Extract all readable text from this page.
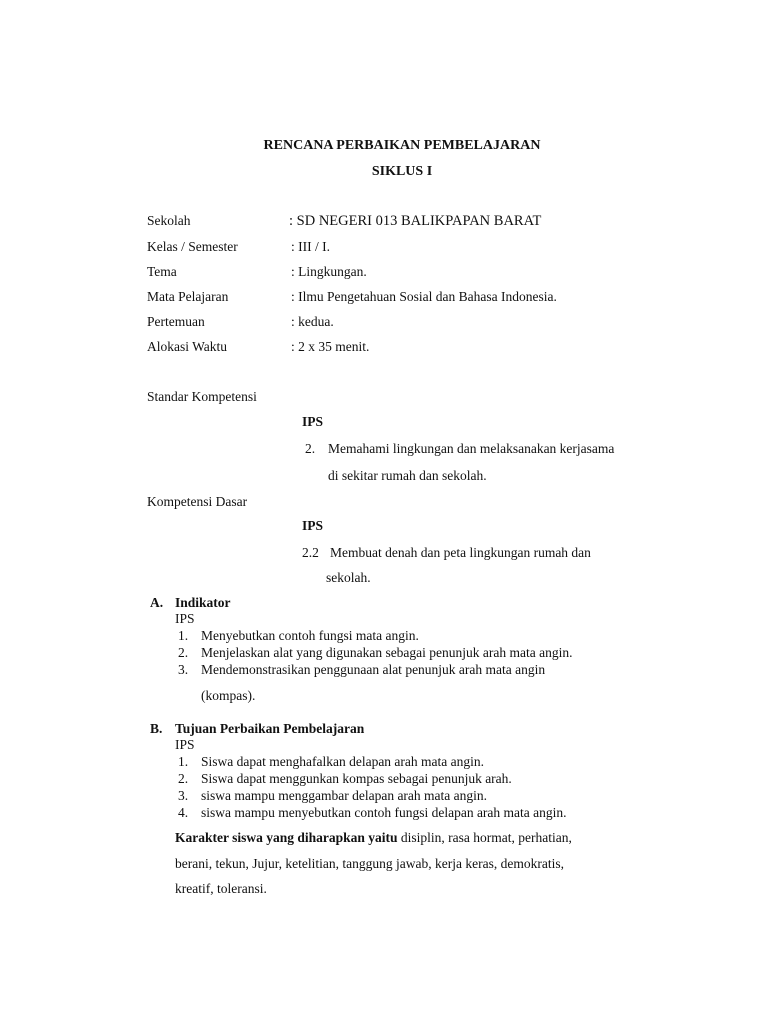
RENCANA PERBAIKAN PEMBELAJARAN
SIKLUS I
Sekolah	: SD NEGERI 013 BALIKPAPAN BARAT
Kelas / Semester	: III / I.
Tema	: Lingkungan.
Mata Pelajaran	: Ilmu Pengetahuan Sosial dan Bahasa Indonesia.
Pertemuan	: kedua.
Alokasi Waktu	: 2 x 35 menit.
Standar Kompetensi
IPS
2. Memahami lingkungan dan melaksanakan kerjasama
di sekitar rumah dan sekolah.
Kompetensi Dasar
IPS
2.2 Membuat denah dan peta lingkungan rumah dan
sekolah.
A. Indikator
IPS
1. Menyebutkan contoh fungsi mata angin.
2. Menjelaskan alat yang digunakan sebagai penunjuk arah mata angin.
3. Mendemonstrasikan penggunaan alat penunjuk arah mata angin
(kompas).
B. Tujuan Perbaikan Pembelajaran
IPS
1. Siswa dapat menghafalkan delapan arah mata angin.
2. Siswa dapat menggunkan kompas sebagai penunjuk arah.
3. siswa mampu menggambar delapan arah mata angin.
4. siswa mampu menyebutkan contoh fungsi delapan arah mata angin.
Karakter siswa yang diharapkan yaitu disiplin, rasa hormat, perhatian,
berani, tekun, Jujur, ketelitian, tanggung jawab, kerja keras, demokratis,
kreatif, toleransi.
